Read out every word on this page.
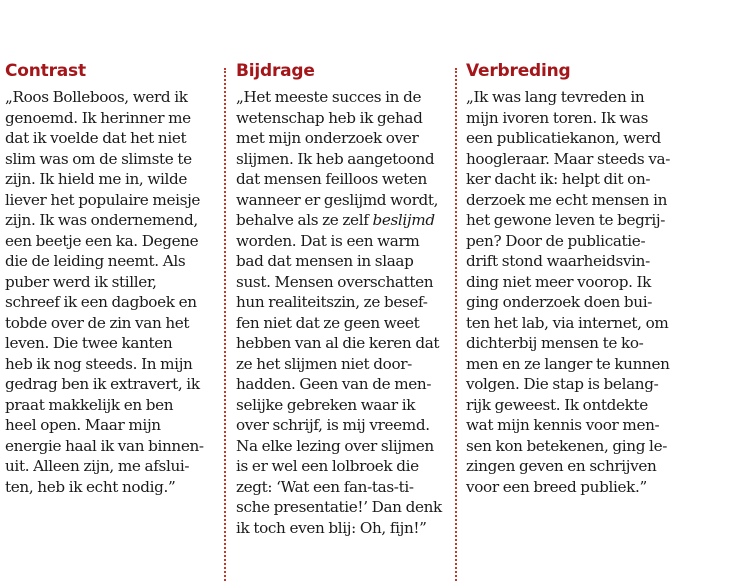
Contrast

„Roos Bolleboos, werd ik
genoemd. Ik herinner me
dat ik voelde dat het niet
slim was om de slimste te
zijn. Ik hield me in, wilde
liever het populaire meisje
zijn. Ik was ondernemend,
een beetje een ka. Degene
die de leiding neemt. Als
puber werd ik stiller,
schreef ik een dagboek en
tobde over de zin van het
leven. Die twee kanten
heb ik nog steeds. In mijn
gedrag ben ik extravert, ik
praat makkelijk en ben
heel open. Maar mijn
energie haal ik van binnen-
uit. Alleen zijn, me afslui-
ten, heb ik echt nodig.”

Bijdrage

„Het meeste succes in de
wetenschap heb ik gehad
met mijn onderzoek over
slijmen. Ik heb aangetoond
dat mensen feilloos weten
wanneer er geslijmd wordt,
behalve als ze zelf beslijmd
worden. Dat is een warm
bad dat mensen in slaap
sust. Mensen overschatten
hun realiteitszin, ze besef-
fen niet dat ze geen weet
hebben van al die keren dat
ze het slijmen niet door-
hadden. Geen van de men-
selijke gebreken waar ik
over schrijf, is mij vreemd.
Na elke lezing over slijmen
is er wel een lolbroek die
zegt: ‘Wat een fan-tas-ti-
sche presentatie!’ Dan denk
ik toch even blij: Oh, fijn!”

Verbreding

„Ik was lang tevreden in
mijn ivoren toren. Ik was
een publicatiekanon, werd
hoogleraar. Maar steeds va-
ker dacht ik: helpt dit on-
derzoek me echt mensen in
het gewone leven te begrij-
pen? Door de publicatie-
drift stond waarheidsvin-
ding niet meer voorop. Ik
ging onderzoek doen bui-
ten het lab, via internet, om
dichterbij mensen te ko-
men en ze langer te kunnen
volgen. Die stap is belang-
rijk geweest. Ik ontdekte
wat mijn kennis voor men-
sen kon betekenen, ging le-
zingen geven en schrijven
voor een breed publiek.”
